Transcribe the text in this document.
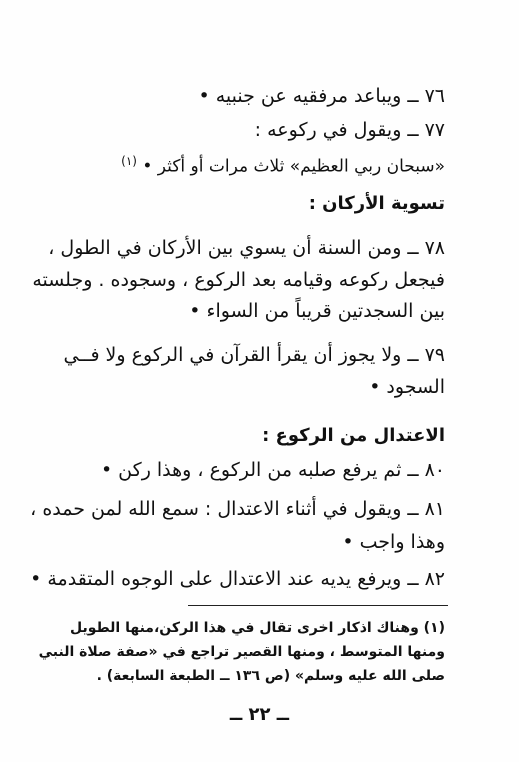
٧٦ ــ ويباعد مرفقيه عن جنبيه •
٧٧ ــ ويقول في ركوعه :
«سبحان ربي العظيم» ثلاث مرات أو أكثر • $^{(١)}$
تسوية الأركان :
٧٨ ــ ومن السنة أن يسوي بين الأركان في الطول ،
فيجعل ركوعه وقيامه بعد الركوع ، وسجوده . وجلسته
بين السجدتين قريباً من السواء •
٧٩ ــ ولا يجوز أن يقرأ القرآن في الركوع ولا فــي
السجود •
الاعتدال من الركوع :
٨٠ ــ ثم يرفع صلبه من الركوع ، وهذا ركن •
٨١ ــ ويقول في أثناء الاعتدال : سمع الله لمن حمده ،
وهذا واجب •
٨٢ ــ ويرفع يديه عند الاعتدال على الوجوه المتقدمة •
(١) وهناك اذكار اخرى تقال في هذا الركن،منها الطويل
ومنها المتوسط ، ومنها القصير تراجع في «صفة صلاة النبي
صلى الله عليه وسلم» (ص ١٣٦ ــ الطبعة السابعة) .
ــ ٢٢ ــ
